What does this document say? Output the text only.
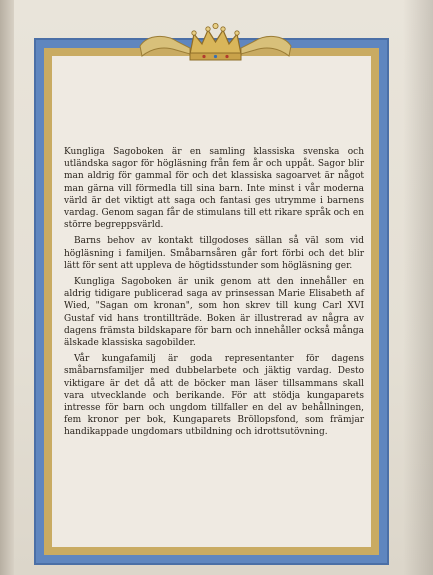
Kungliga Sagoboken är en samling klassiska svenska och utländska sagor för högläsning från fem år och uppåt. Sagor blir man aldrig för gammal för och det klassiska sagoarvet är något man gärna vill förmedla till sina barn. Inte minst i vår moderna värld är det viktigt att saga och fantasi ges utrymme i barnens vardag. Genom sagan får de stimulans till ett rikare språk och en större begreppsvärld.

Barns behov av kontakt tillgodoses sällan så väl som vid högläsning i familjen. Småbarnsåren går fort förbi och det blir lätt för sent att uppleva de högtidsstunder som högläsning ger.

Kungliga Sagoboken är unik genom att den innehåller en aldrig tidigare publicerad saga av prinsessan Marie Elisabeth af Wied, "Sagan om kronan", som hon skrev till kung Carl XVI Gustaf vid hans trontillträde. Boken är illustrerad av några av dagens främsta bildskapare för barn och innehåller också många älskade klassiska sagobilder.

Vår kungafamilj är goda representanter för dagens småbarnsfamiljer med dubbelarbete och jäktig vardag. Desto viktigare är det då att de böcker man läser tillsammans skall vara utvecklande och berikande. För att stödja kungaparets intresse för barn och ungdom tillfaller en del av behållningen, fem kronor per bok, Kungaparets Bröllopsfond, som främjar handikappade ungdomars utbildning och idrottsutövning.
